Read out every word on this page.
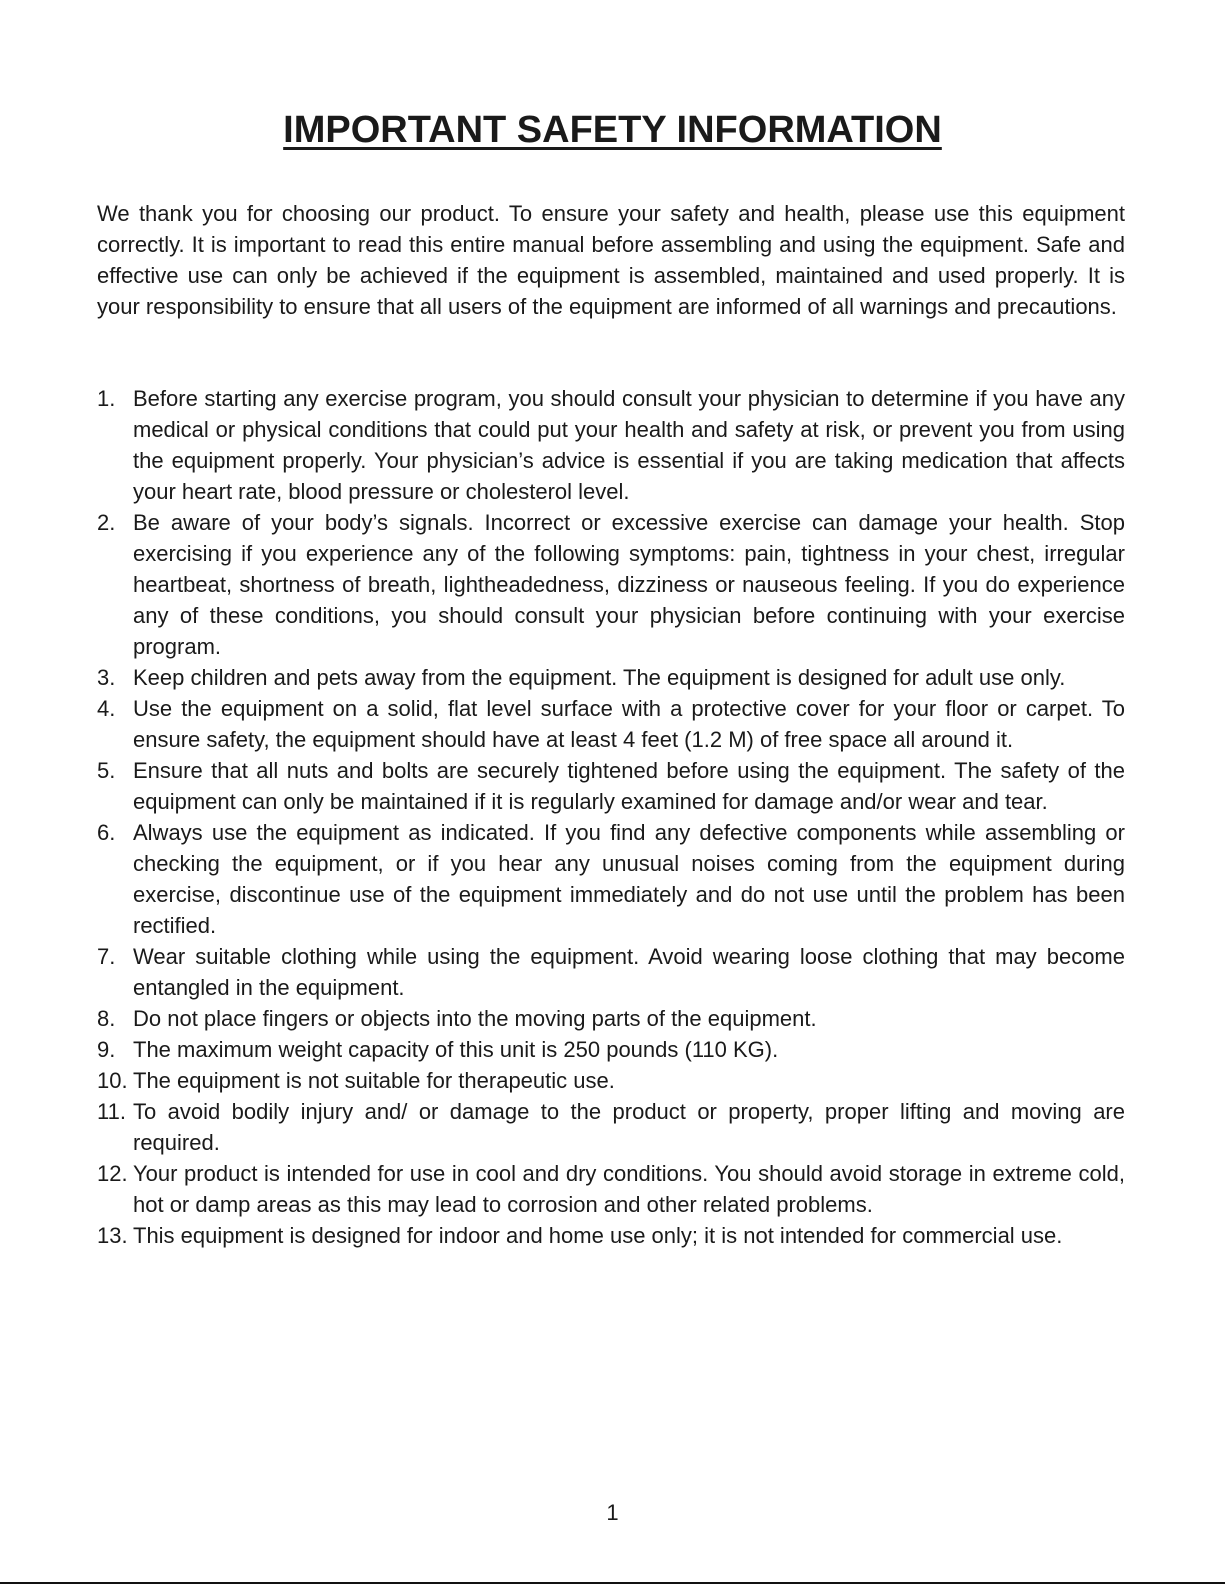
IMPORTANT SAFETY INFORMATION

We thank you for choosing our product. To ensure your safety and health, please use this equipment correctly. It is important to read this entire manual before assembling and using the equipment. Safe and effective use can only be achieved if the equipment is assembled, maintained and used properly. It is your responsibility to ensure that all users of the equipment are informed of all warnings and precautions.

1. Before starting any exercise program, you should consult your physician to determine if you have any medical or physical conditions that could put your health and safety at risk, or prevent you from using the equipment properly. Your physician’s advice is essential if you are taking medication that affects your heart rate, blood pressure or cholesterol level.
2. Be aware of your body’s signals. Incorrect or excessive exercise can damage your health. Stop exercising if you experience any of the following symptoms: pain, tightness in your chest, irregular heartbeat, shortness of breath, lightheadedness, dizziness or nauseous feeling. If you do experience any of these conditions, you should consult your physician before continuing with your exercise program.
3. Keep children and pets away from the equipment. The equipment is designed for adult use only.
4. Use the equipment on a solid, flat level surface with a protective cover for your floor or carpet. To ensure safety, the equipment should have at least 4 feet (1.2 M) of free space all around it.
5. Ensure that all nuts and bolts are securely tightened before using the equipment. The safety of the equipment can only be maintained if it is regularly examined for damage and/or wear and tear.
6. Always use the equipment as indicated. If you find any defective components while assembling or checking the equipment, or if you hear any unusual noises coming from the equipment during exercise, discontinue use of the equipment immediately and do not use until the problem has been rectified.
7. Wear suitable clothing while using the equipment. Avoid wearing loose clothing that may become entangled in the equipment.
8. Do not place fingers or objects into the moving parts of the equipment.
9. The maximum weight capacity of this unit is 250 pounds (110 KG).
10. The equipment is not suitable for therapeutic use.
11. To avoid bodily injury and/ or damage to the product or property, proper lifting and moving are required.
12. Your product is intended for use in cool and dry conditions. You should avoid storage in extreme cold, hot or damp areas as this may lead to corrosion and other related problems.
13. This equipment is designed for indoor and home use only; it is not intended for commercial use.
1
